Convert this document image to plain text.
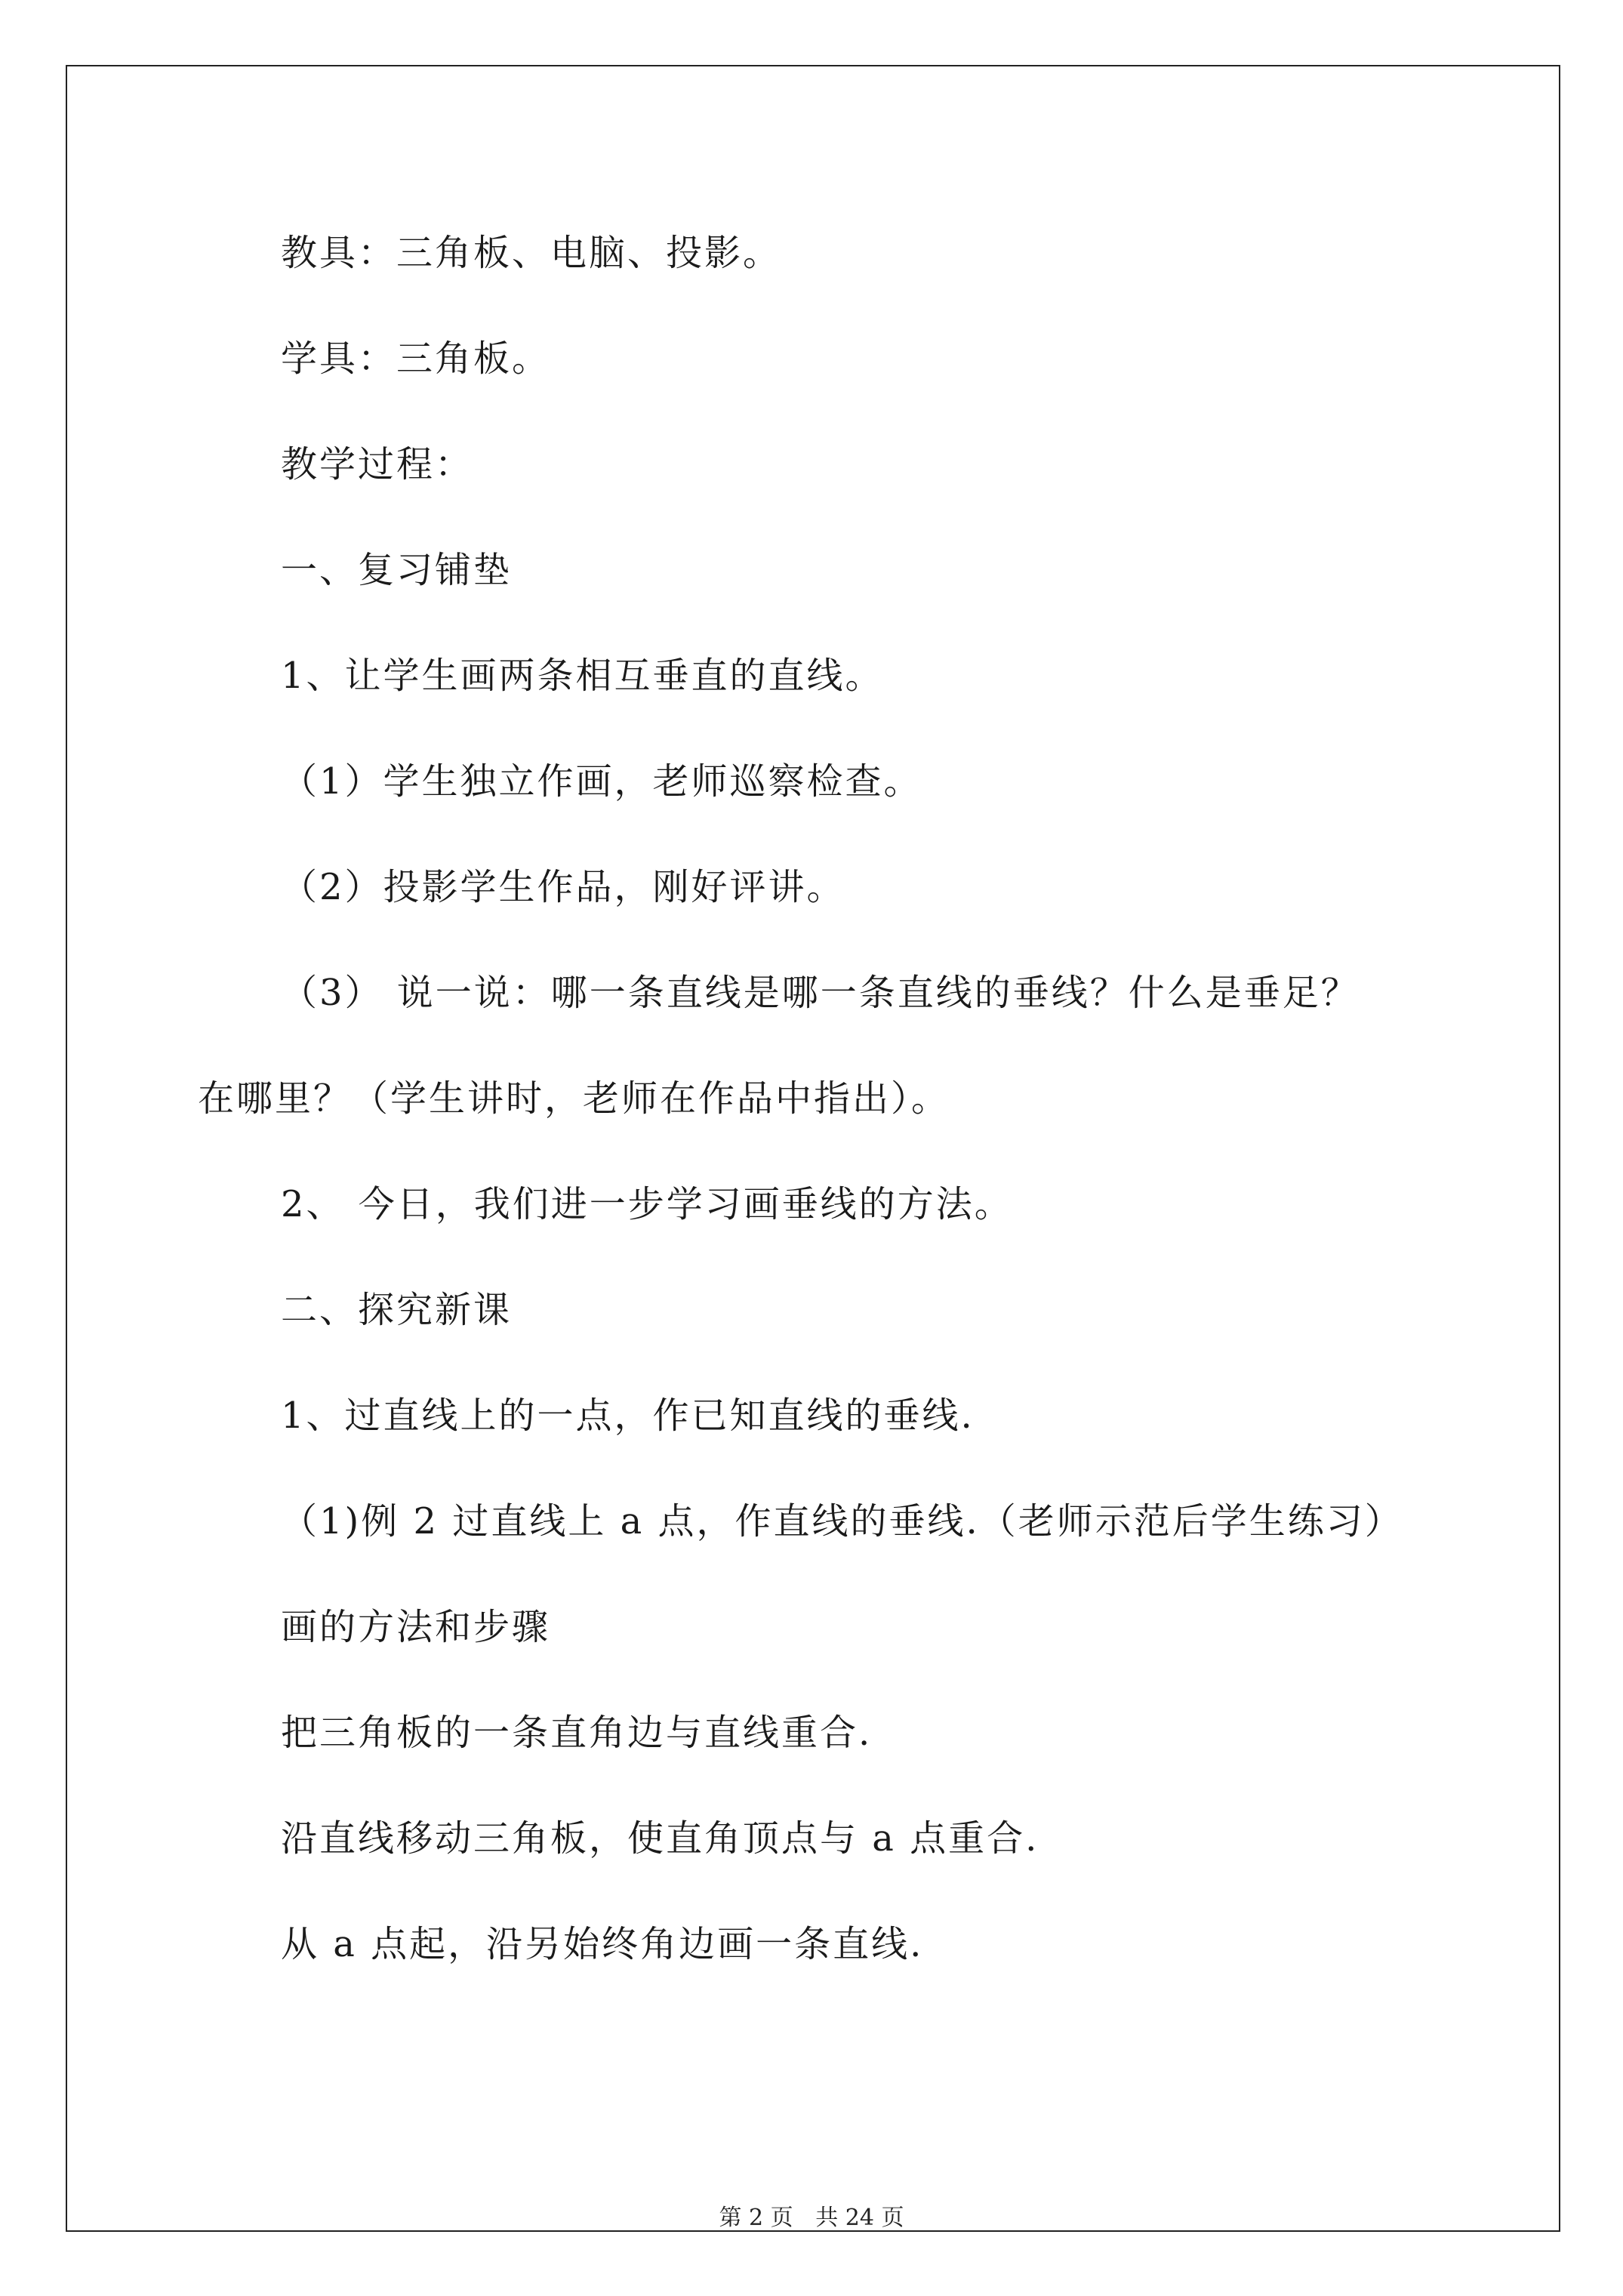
教具：三角板、电脑、投影。
学具：三角板。
教学过程：
一、复习铺垫
1、让学生画两条相互垂直的直线。
（1）学生独立作画，老师巡察检查。
（2）投影学生作品，刚好评讲。
（3） 说一说：哪一条直线是哪一条直线的垂线？什么是垂足？
在哪里？（学生讲时，老师在作品中指出）。
2、 今日，我们进一步学习画垂线的方法。
二、探究新课
1、过直线上的一点，作已知直线的垂线.
（1)例 2 过直线上 a 点，作直线的垂线.（老师示范后学生练习）
画的方法和步骤
把三角板的一条直角边与直线重合.
沿直线移动三角板，使直角顶点与 a 点重合.
从 a 点起，沿另始终角边画一条直线.
第 2 页 共 24 页
